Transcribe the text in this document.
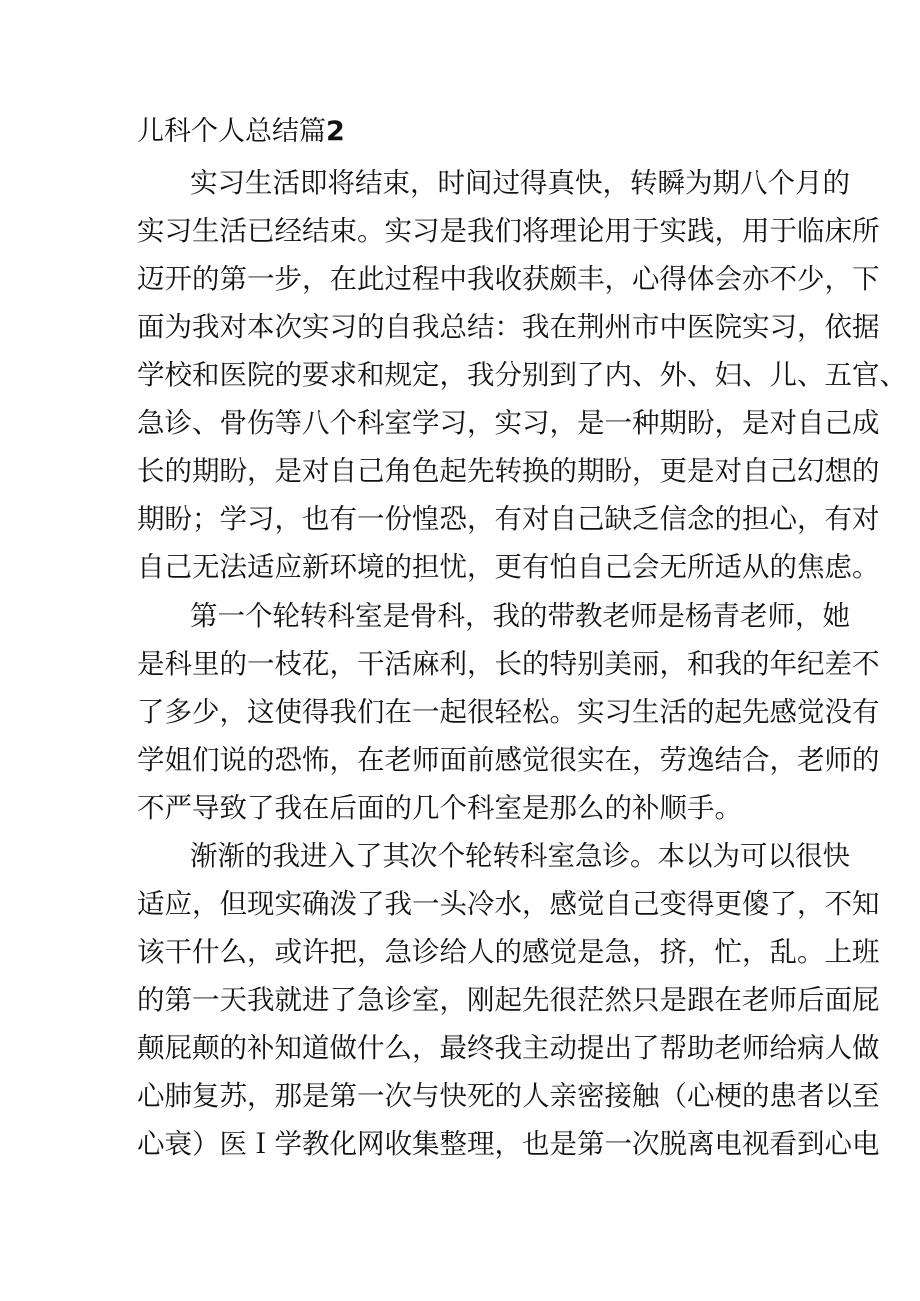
儿科个人总结篇2
实习生活即将结束，时间过得真快，转瞬为期八个月的
实习生活已经结束。实习是我们将理论用于实践，用于临床所
迈开的第一步，在此过程中我收获颇丰，心得体会亦不少，下
面为我对本次实习的自我总结：我在荆州市中医院实习，依据
学校和医院的要求和规定，我分别到了内、外、妇、儿、五官、
急诊、骨伤等八个科室学习，实习，是一种期盼，是对自己成
长的期盼，是对自己角色起先转换的期盼，更是对自己幻想的
期盼；学习，也有一份惶恐，有对自己缺乏信念的担心，有对
自己无法适应新环境的担忧，更有怕自己会无所适从的焦虑。
第一个轮转科室是骨科，我的带教老师是杨青老师，她
是科里的一枝花，干活麻利，长的特别美丽，和我的年纪差不
了多少，这使得我们在一起很轻松。实习生活的起先感觉没有
学姐们说的恐怖，在老师面前感觉很实在，劳逸结合，老师的
不严导致了我在后面的几个科室是那么的补顺手。
渐渐的我进入了其次个轮转科室急诊。本以为可以很快
适应，但现实确泼了我一头冷水，感觉自己变得更傻了，不知
该干什么，或许把，急诊给人的感觉是急，挤，忙，乱。上班
的第一天我就进了急诊室，刚起先很茫然只是跟在老师后面屁
颠屁颠的补知道做什么，最终我主动提出了帮助老师给病人做
心肺复苏，那是第一次与快死的人亲密接触（心梗的患者以至
心衰）医Ｉ学教化网收集整理，也是第一次脱离电视看到心电
